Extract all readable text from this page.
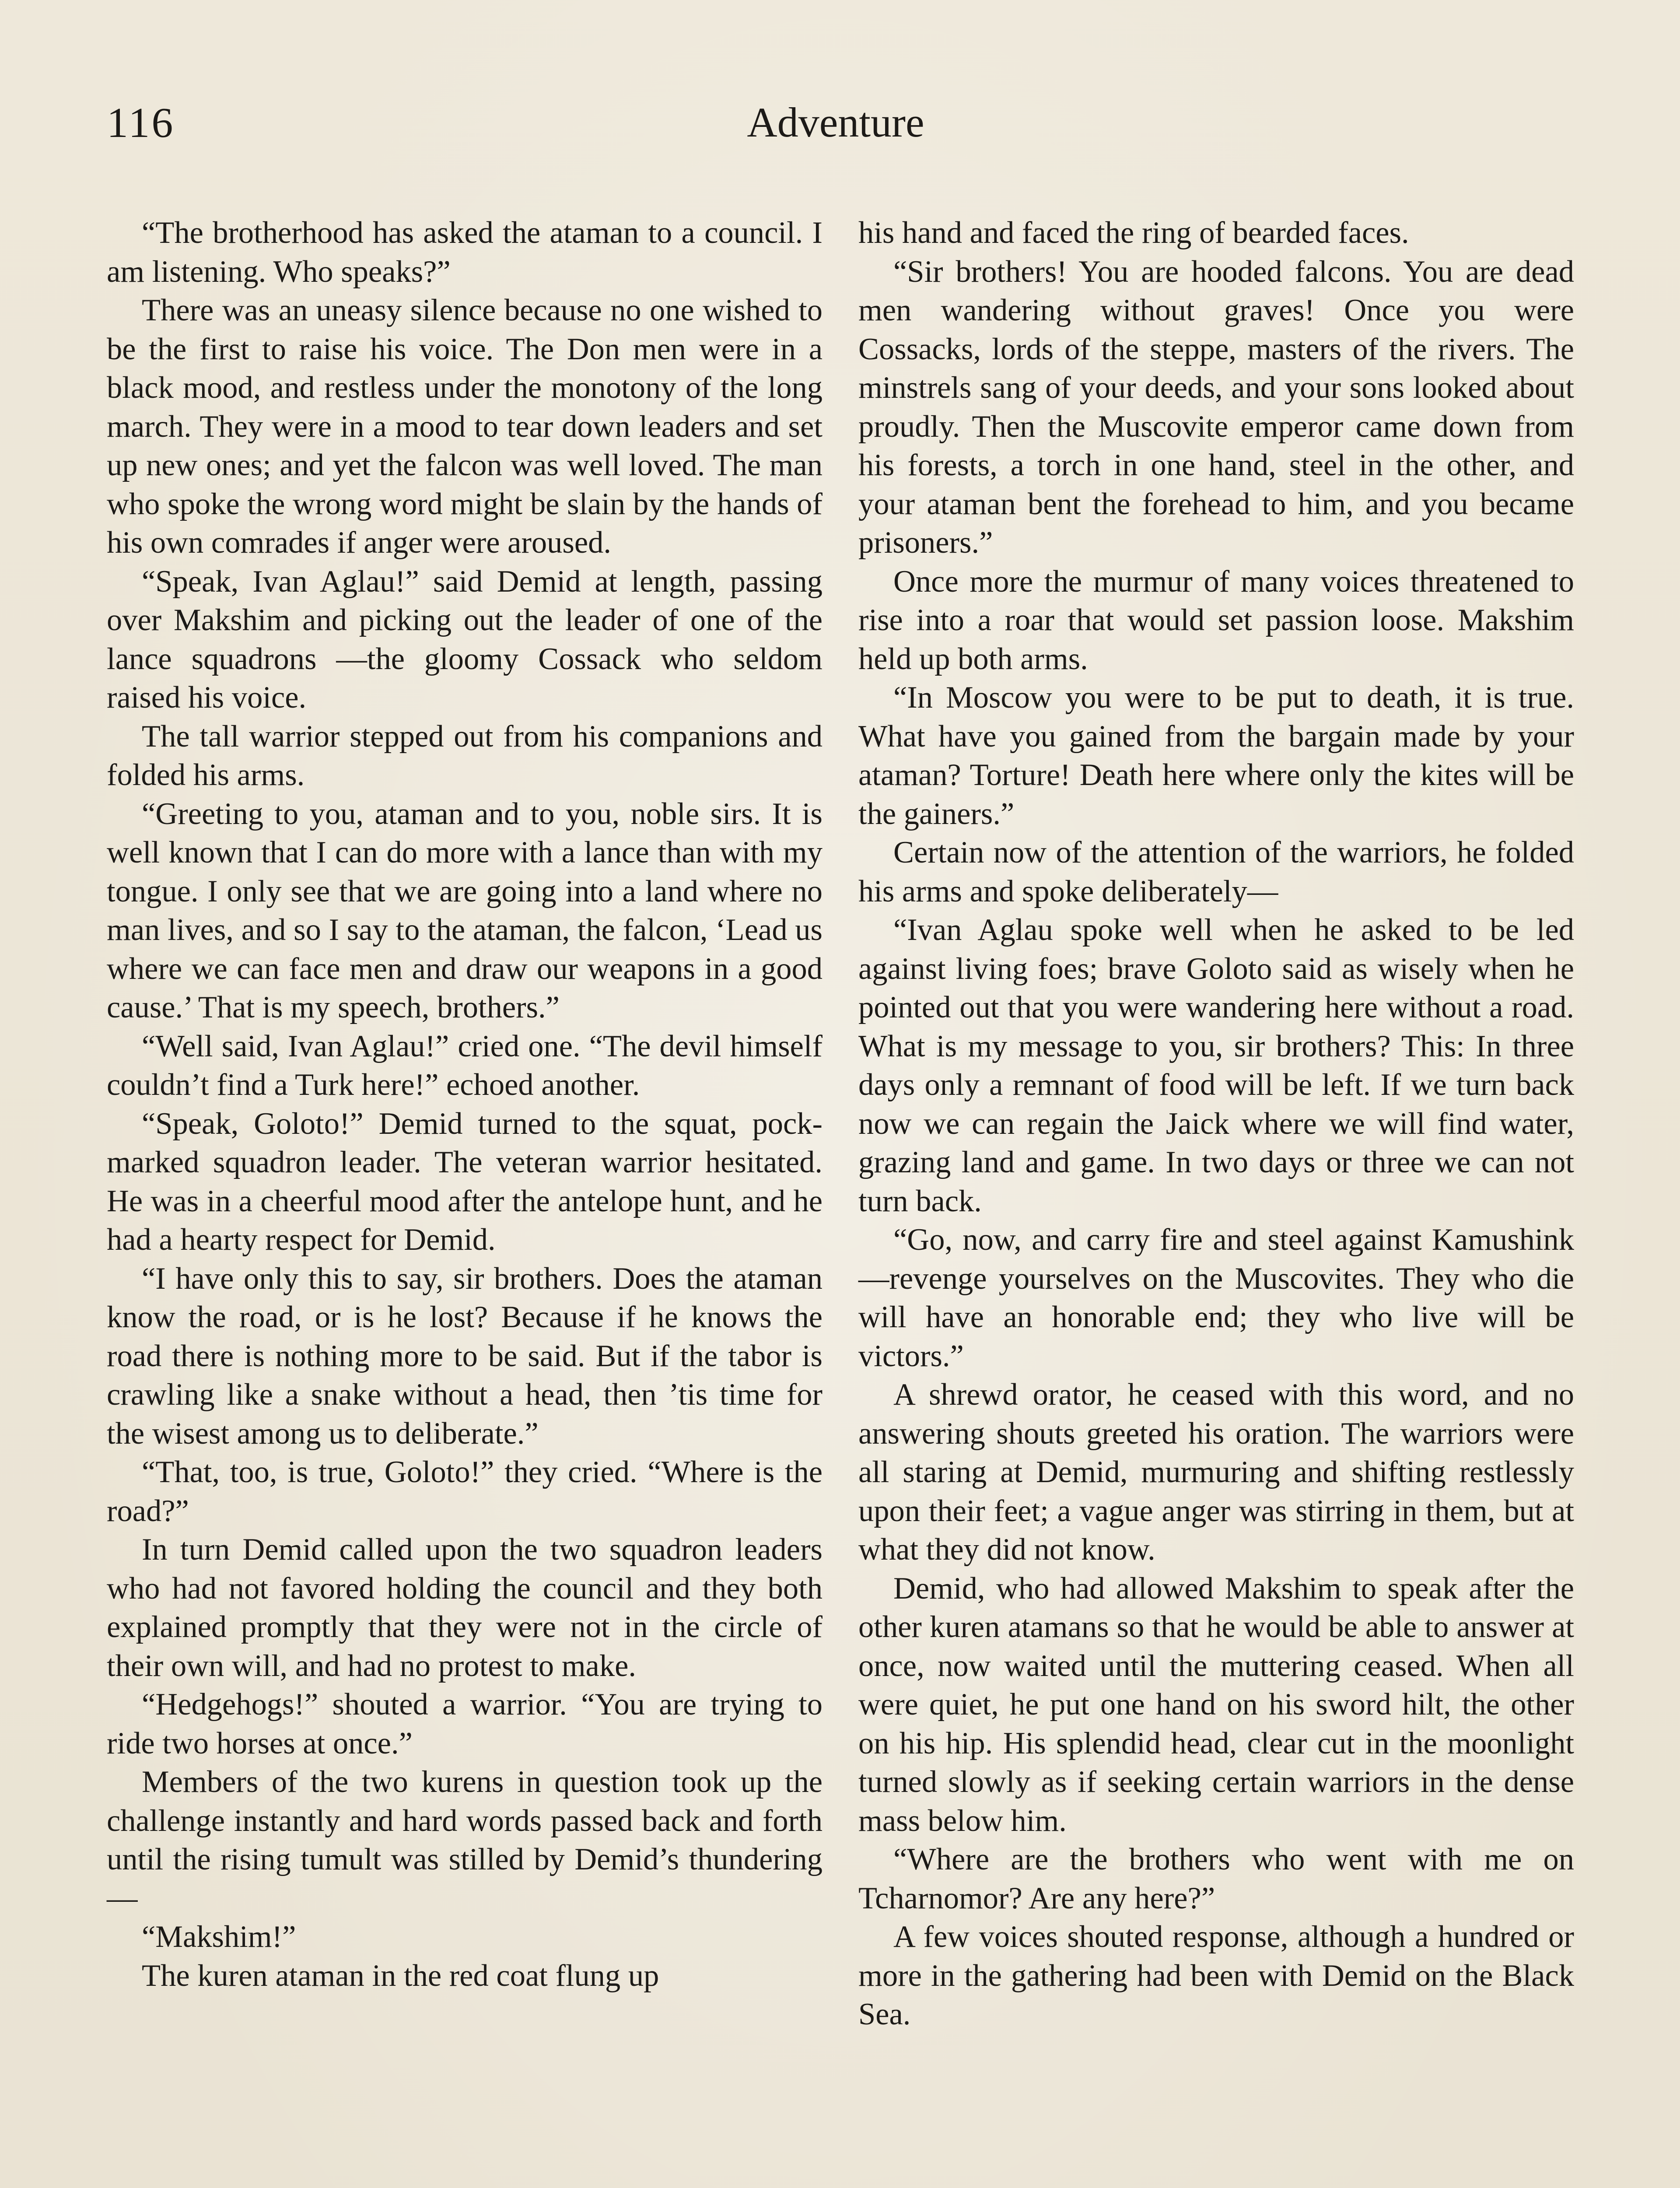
116	Adventure

“The brotherhood has asked the ataman to a council. I am listening. Who speaks?”

There was an uneasy silence because no one wished to be the first to raise his voice. The Don men were in a black mood, and restless under the monotony of the long march. They were in a mood to tear down leaders and set up new ones; and yet the falcon was well loved. The man who spoke the wrong word might be slain by the hands of his own comrades if anger were aroused.

“Speak, Ivan Aglau!” said Demid at length, passing over Makshim and picking out the leader of one of the lance squadrons —the gloomy Cossack who seldom raised his voice.

The tall warrior stepped out from his companions and folded his arms.

“Greeting to you, ataman and to you, noble sirs. It is well known that I can do more with a lance than with my tongue. I only see that we are going into a land where no man lives, and so I say to the ataman, the falcon, ‘Lead us where we can face men and draw our weapons in a good cause.’ That is my speech, brothers.”

“Well said, Ivan Aglau!” cried one. “The devil himself couldn’t find a Turk here!” echoed another.

“Speak, Goloto!” Demid turned to the squat, pock-marked squadron leader. The veteran warrior hesitated. He was in a cheerful mood after the antelope hunt, and he had a hearty respect for Demid.

“I have only this to say, sir brothers. Does the ataman know the road, or is he lost? Because if he knows the road there is nothing more to be said. But if the tabor is crawling like a snake without a head, then ’tis time for the wisest among us to deliberate.”

“That, too, is true, Goloto!” they cried. “Where is the road?”

In turn Demid called upon the two squadron leaders who had not favored holding the council and they both explained promptly that they were not in the circle of their own will, and had no protest to make.

“Hedgehogs!” shouted a warrior. “You are trying to ride two horses at once.”

Members of the two kurens in question took up the challenge instantly and hard words passed back and forth until the rising tumult was stilled by Demid’s thundering—

“Makshim!”

The kuren ataman in the red coat flung up

his hand and faced the ring of bearded faces.

“Sir brothers! You are hooded falcons. You are dead men wandering without graves! Once you were Cossacks, lords of the steppe, masters of the rivers. The minstrels sang of your deeds, and your sons looked about proudly. Then the Muscovite emperor came down from his forests, a torch in one hand, steel in the other, and your ataman bent the forehead to him, and you became prisoners.”

Once more the murmur of many voices threatened to rise into a roar that would set passion loose. Makshim held up both arms.

“In Moscow you were to be put to death, it is true. What have you gained from the bargain made by your ataman? Torture! Death here where only the kites will be the gainers.”

Certain now of the attention of the warriors, he folded his arms and spoke deliberately—

“Ivan Aglau spoke well when he asked to be led against living foes; brave Goloto said as wisely when he pointed out that you were wandering here without a road. What is my message to you, sir brothers? This: In three days only a remnant of food will be left. If we turn back now we can regain the Jaick where we will find water, grazing land and game. In two days or three we can not turn back.

“Go, now, and carry fire and steel against Kamushink—revenge yourselves on the Muscovites. They who die will have an honorable end; they who live will be victors.”

A shrewd orator, he ceased with this word, and no answering shouts greeted his oration. The warriors were all staring at Demid, murmuring and shifting restlessly upon their feet; a vague anger was stirring in them, but at what they did not know.

Demid, who had allowed Makshim to speak after the other kuren atamans so that he would be able to answer at once, now waited until the muttering ceased. When all were quiet, he put one hand on his sword hilt, the other on his hip. His splendid head, clear cut in the moonlight turned slowly as if seeking certain warriors in the dense mass below him.

“Where are the brothers who went with me on Tcharnomor? Are any here?”

A few voices shouted response, although a hundred or more in the gathering had been with Demid on the Black Sea.
